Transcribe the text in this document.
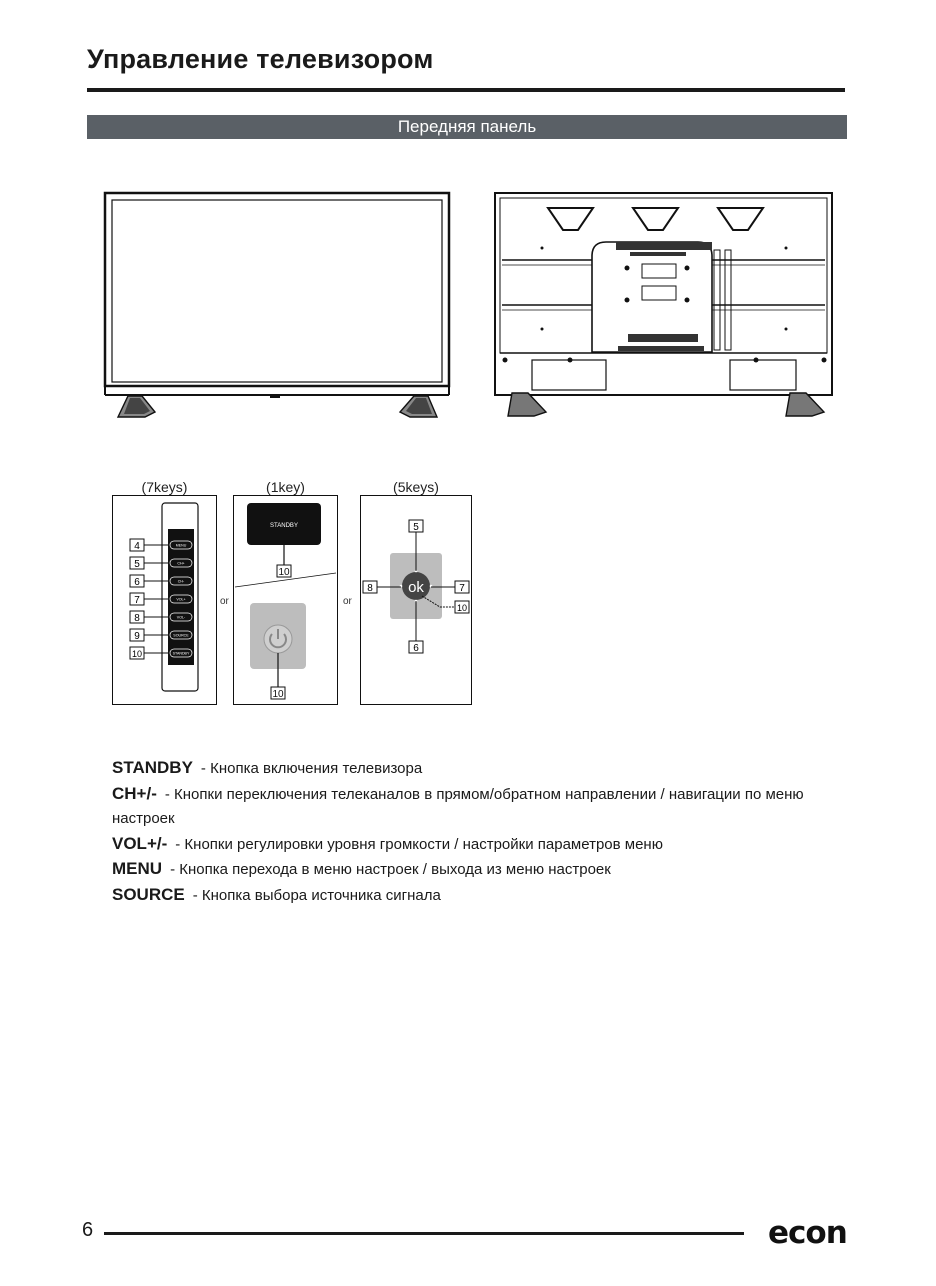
Управление телевизором
Передняя панель
(7keys)	(1key)	(5keys)
4	MENU
5	CH+
6	CH-
7	VOL+
8	VOL-
9	SOURCE
10	STANDBY
or	or
STANDBY
10
10
ok
5
8	7
10
6
STANDBY - Кнопка включения телевизора
CH+/- - Кнопки переключения телеканалов в прямом/обратном направлении / навигации по меню настроек
VOL+/- - Кнопки регулировки уровня громкости / настройки параметров меню
MENU - Кнопка перехода в меню настроек / выхода из меню настроек
SOURCE - Кнопка выбора источника сигнала
6	econ
